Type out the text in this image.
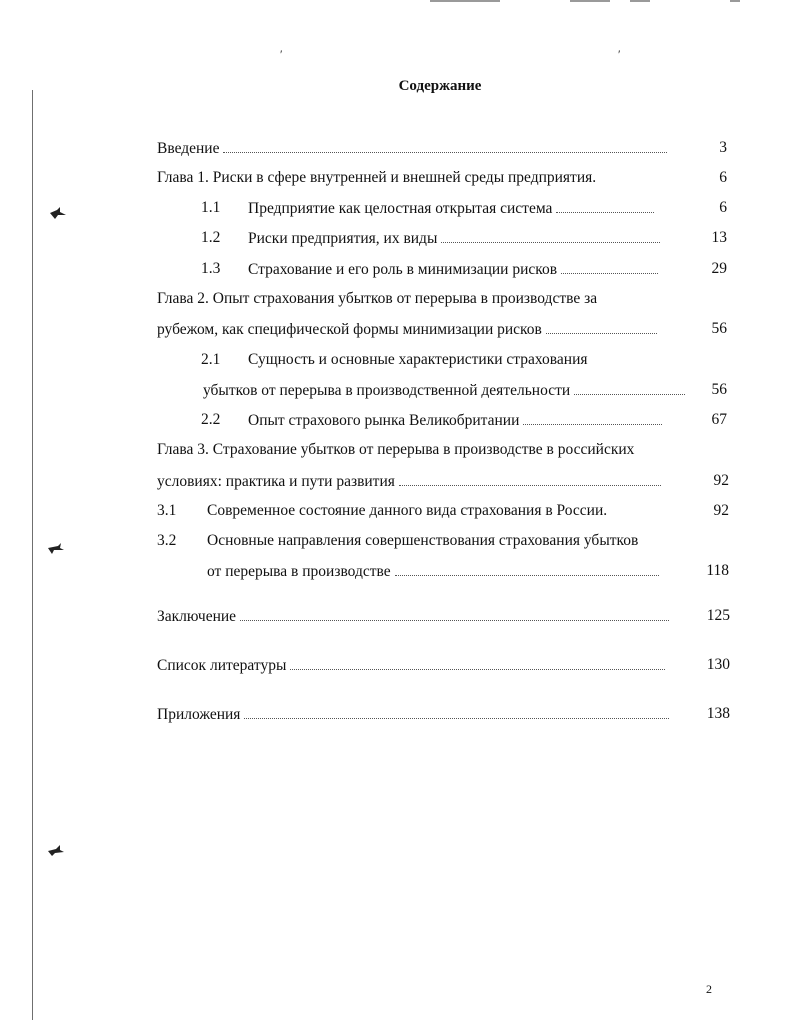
′	′
Содержание
Введение	3
Глава 1. Риски в сфере внутренней и внешней среды предприятия.	6
1.1 Предприятие как целостная открытая система	6
1.2 Риски предприятия, их виды	13
1.3 Страхование и его роль в минимизации рисков	29
Глава 2. Опыт страхования убытков от перерыва в производстве за
рубежом, как специфической формы минимизации рисков	56
2.1 Сущность и основные характеристики страхования
убытков от перерыва в производственной деятельности	56
2.2 Опыт страхового рынка Великобритании	67
Глава 3. Страхование убытков от перерыва в производстве в российских
условиях: практика и пути развития	92
3.1 Современное состояние данного вида страхования в России.	92
3.2 Основные направления совершенствования страхования убытков
от перерыва в производстве	118
Заключение	125
Список литературы	130
Приложения	138
2
